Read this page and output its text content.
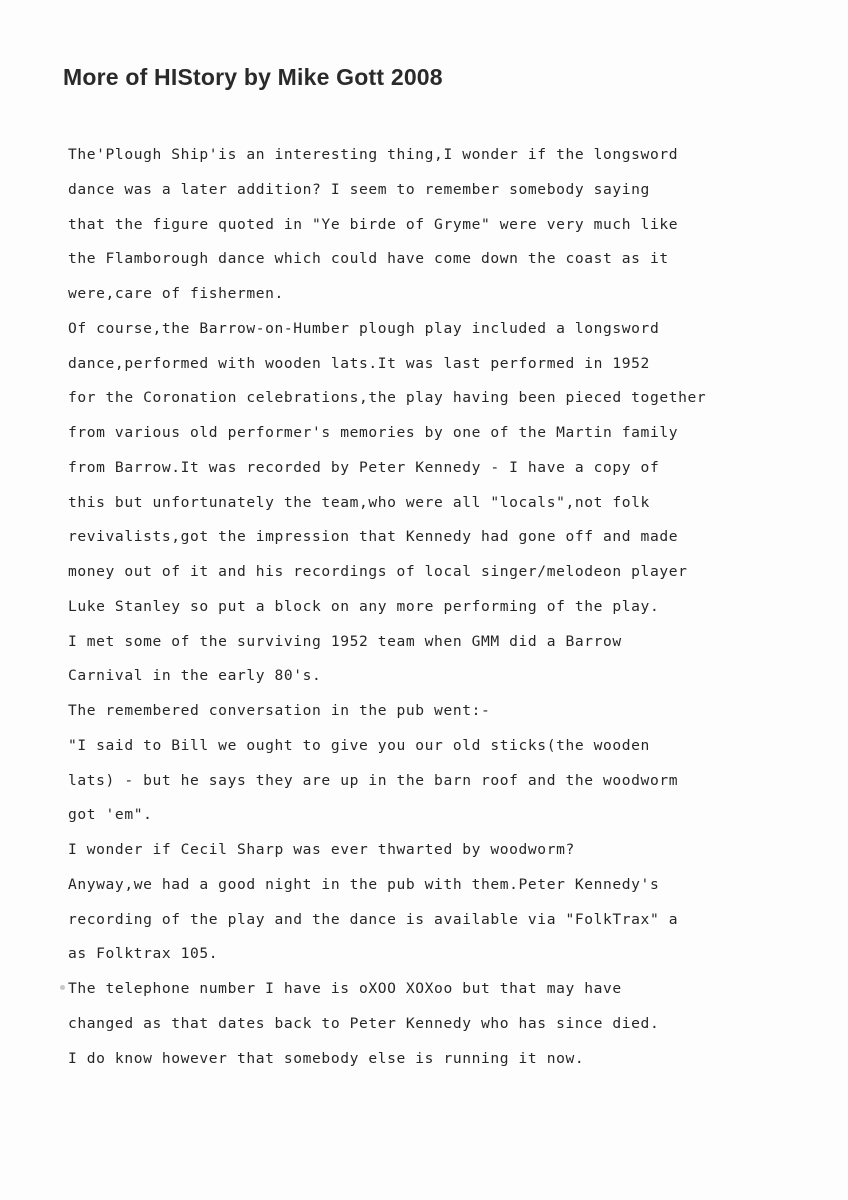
More of HIStory by Mike Gott 2008
The'Plough Ship'is an interesting thing,I wonder if the longsword
dance was a later addition? I seem to remember somebody saying
that the figure quoted in "Ye birde of Gryme" were very much like
the Flamborough dance which could have come down the coast as it
were,care of fishermen.
Of course,the Barrow-on-Humber plough play included a longsword
dance,performed with wooden lats.It was last performed in 1952
for the Coronation celebrations,the play having been pieced together
from various old performer's memories by one of the Martin family
from Barrow.It was recorded by Peter Kennedy - I have a copy of
this but unfortunately the team,who were all "locals",not folk
revivalists,got the impression that Kennedy had gone off and made
money out of it and his recordings of local singer/melodeon player
Luke Stanley so put a block on any more performing of the play.
I met some of the surviving 1952 team when GMM did a Barrow
Carnival in the early 80's.
The remembered conversation in the pub went:-
"I said to Bill we ought to give you our old sticks(the wooden
lats) - but he says they are up in the barn roof and the woodworm
got 'em".
I wonder if Cecil Sharp was ever thwarted by woodworm?
Anyway,we had a good night in the pub with them.Peter Kennedy's
recording of the play and the dance is available via "FolkTrax" a
as Folktrax 105.
The telephone number I have is oXOO XOXoo but that may have
changed as that dates back to Peter Kennedy who has since died.
I do know however that somebody else is running it now.
